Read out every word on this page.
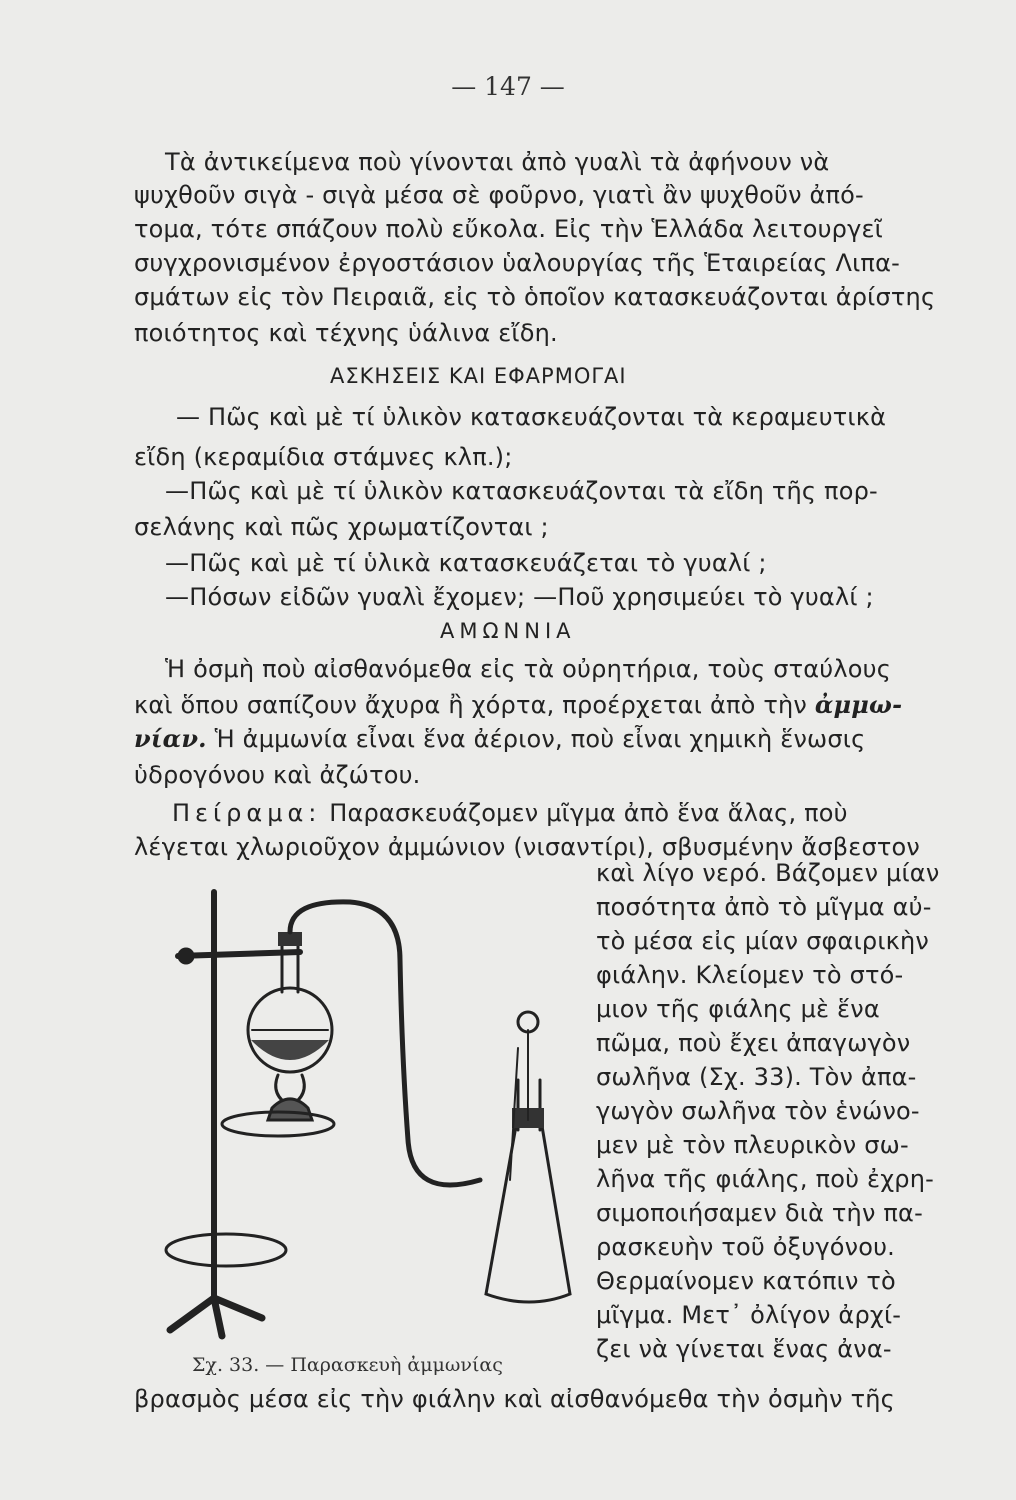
— 147 —
Τὰ ἀντικείμενα ποὺ γίνονται ἀπὸ γυαλὶ τὰ ἀφήνουν νὰ
ψυχθοῦν σιγὰ - σιγὰ μέσα σὲ φοῦρνο, γιατὶ ἂν ψυχθοῦν ἀπό-
τομα, τότε σπάζουν πολὺ εὔκολα. Εἰς τὴν Ἑλλάδα λειτουργεῖ
συγχρονισμένον ἐργοστάσιον ὑαλουργίας τῆς Ἑταιρείας Λιπα-
σμάτων εἰς τὸν Πειραιᾶ, εἰς τὸ ὁποῖον κατασκευάζονται ἀρίστης
ποιότητος καὶ τέχνης ὑάλινα εἴδη.
ΑΣΚΗΣΕΙΣ ΚΑΙ ΕΦΑΡΜΟΓΑΙ
— Πῶς καὶ μὲ τί ὑλικὸν κατασκευάζονται τὰ κεραμευτικὰ
εἴδη (κεραμίδια στάμνες κλπ.);
—Πῶς καὶ μὲ τί ὑλικὸν κατασκευάζονται τὰ εἴδη τῆς πορ-
σελάνης καὶ πῶς χρωματίζονται ;
—Πῶς καὶ μὲ τί ὑλικὰ κατασκευάζεται τὸ γυαλί ;
—Πόσων εἰδῶν γυαλὶ ἔχομεν; —Ποῦ χρησιμεύει τὸ γυαλί ;
ΑΜΩΝΝΙΑ
Ἡ ὀσμὴ ποὺ αἰσθανόμεθα εἰς τὰ οὐρητήρια, τοὺς σταύλους
καὶ ὅπου σαπίζουν ἄχυρα ἢ χόρτα, προέρχεται ἀπὸ τὴν ἀμμω-
νίαν. Ἡ ἀμμωνία εἶναι ἕνα ἀέριον, ποὺ εἶναι χημικὴ ἕνωσις
ὑδρογόνου καὶ ἀζώτου.
Πείραμα: Παρασκευάζομεν μῖγμα ἀπὸ ἕνα ἅλας, ποὺ
λέγεται χλωριοῦχον ἀμμώνιον (νισαντίρι), σβυσμένην ἄσβεστον
καὶ λίγο νερό. Βάζομεν μίαν
ποσότητα ἀπὸ τὸ μῖγμα αὐ-
τὸ μέσα εἰς μίαν σφαιρικὴν
φιάλην. Κλείομεν τὸ στό-
μιον τῆς φιάλης μὲ ἕνα
πῶμα, ποὺ ἔχει ἀπαγωγὸν
σωλῆνα (Σχ. 33). Τὸν ἀπα-
γωγὸν σωλῆνα τὸν ἑνώνο-
μεν μὲ τὸν πλευρικὸν σω-
λῆνα τῆς φιάλης, ποὺ ἐχρη-
σιμοποιήσαμεν διὰ τὴν πα-
ρασκευὴν τοῦ ὀξυγόνου.
Θερμαίνομεν κατόπιν τὸ
μῖγμα. Μετ᾽ ὀλίγον ἀρχί-
ζει νὰ γίνεται ἕνας ἀνα-
Σχ. 33. — Παρασκευὴ ἀμμωνίας
βρασμὸς μέσα εἰς τὴν φιάλην καὶ αἰσθανόμεθα τὴν ὀσμὴν τῆς
